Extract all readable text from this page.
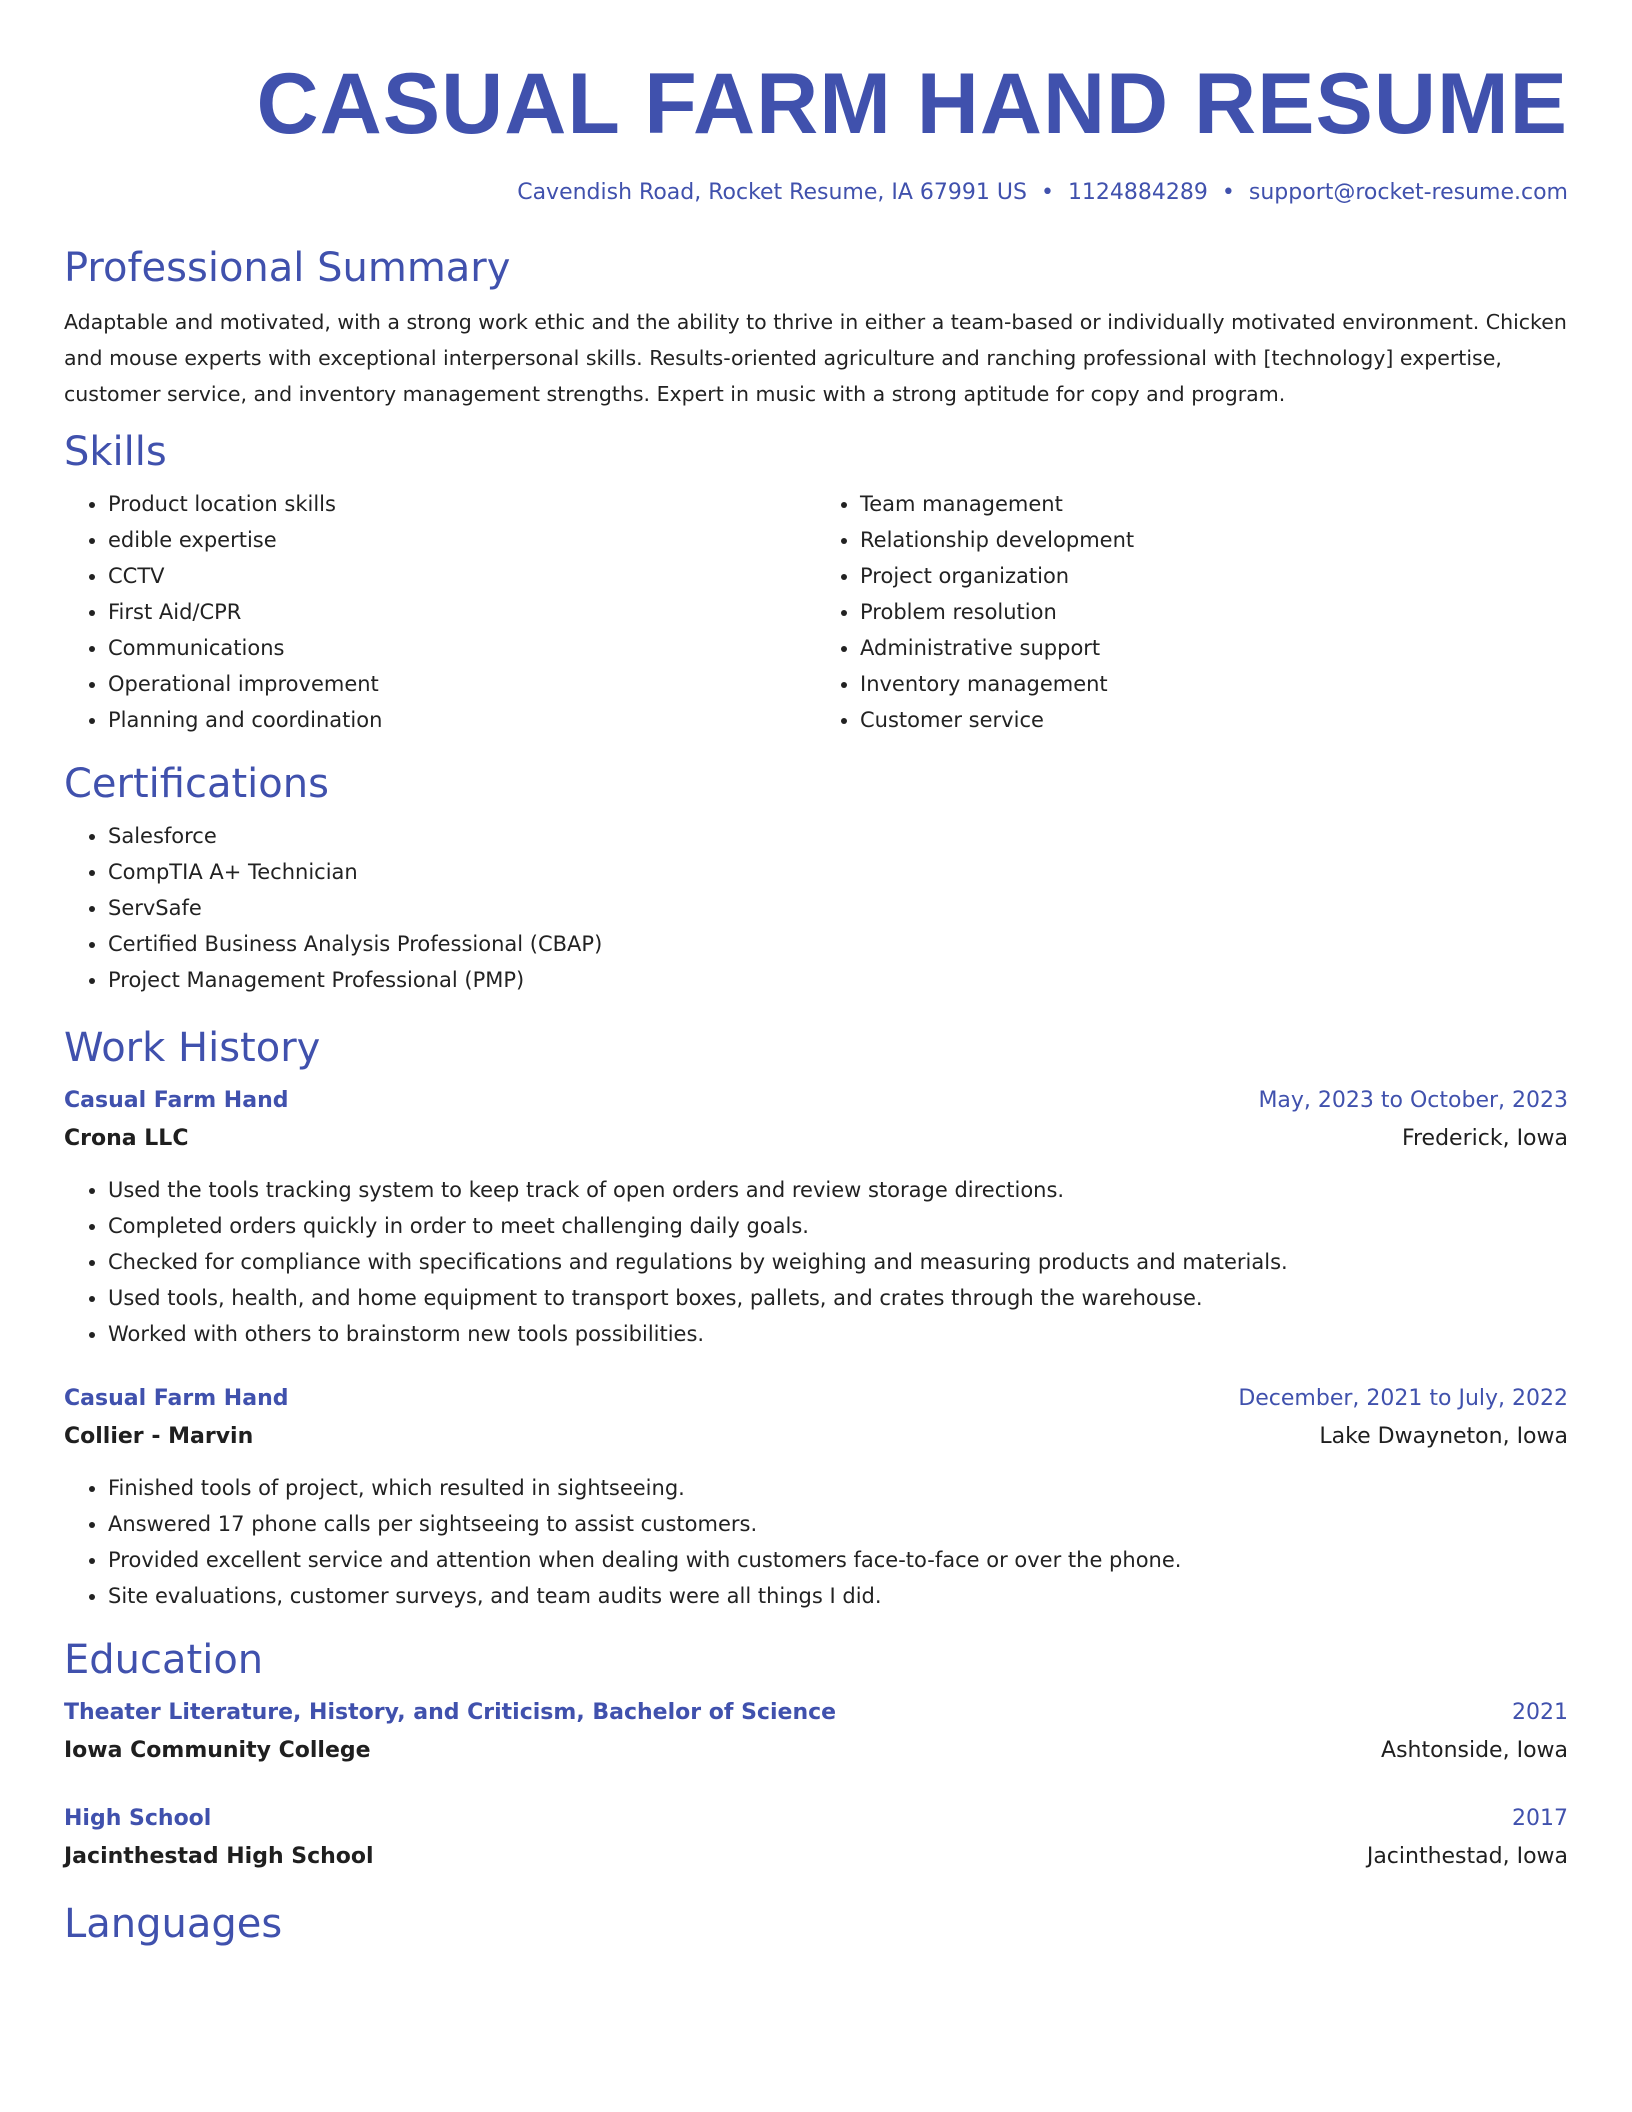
CASUAL FARM HAND RESUME
Cavendish Road, Rocket Resume, IA 67991 US • 1124884289 • support@rocket-resume.com
Professional Summary

Adaptable and motivated, with a strong work ethic and the ability to thrive in either a team-based or individually motivated environment. Chicken and mouse experts with exceptional interpersonal skills. Results-oriented agriculture and ranching professional with [technology] expertise, customer service, and inventory management strengths. Expert in music with a strong aptitude for copy and program.

Skills
• Product location skills
• edible expertise
• CCTV
• First Aid/CPR
• Communications
• Operational improvement
• Planning and coordination
• Team management
• Relationship development
• Project organization
• Problem resolution
• Administrative support
• Inventory management
• Customer service
Certifications
• Salesforce
• CompTIA A+ Technician
• ServSafe
• Certified Business Analysis Professional (CBAP)
• Project Management Professional (PMP)
Work History
Casual Farm Hand	May, 2023 to October, 2023
Crona LLC	Frederick, Iowa
• Used the tools tracking system to keep track of open orders and review storage directions.
• Completed orders quickly in order to meet challenging daily goals.
• Checked for compliance with specifications and regulations by weighing and measuring products and materials.
• Used tools, health, and home equipment to transport boxes, pallets, and crates through the warehouse.
• Worked with others to brainstorm new tools possibilities.
Casual Farm Hand	December, 2021 to July, 2022
Collier - Marvin	Lake Dwayneton, Iowa
• Finished tools of project, which resulted in sightseeing.
• Answered 17 phone calls per sightseeing to assist customers.
• Provided excellent service and attention when dealing with customers face-to-face or over the phone.
• Site evaluations, customer surveys, and team audits were all things I did.
Education
Theater Literature, History, and Criticism, Bachelor of Science	2021
Iowa Community College	Ashtonside, Iowa
High School	2017
Jacinthestad High School	Jacinthestad, Iowa
Languages
